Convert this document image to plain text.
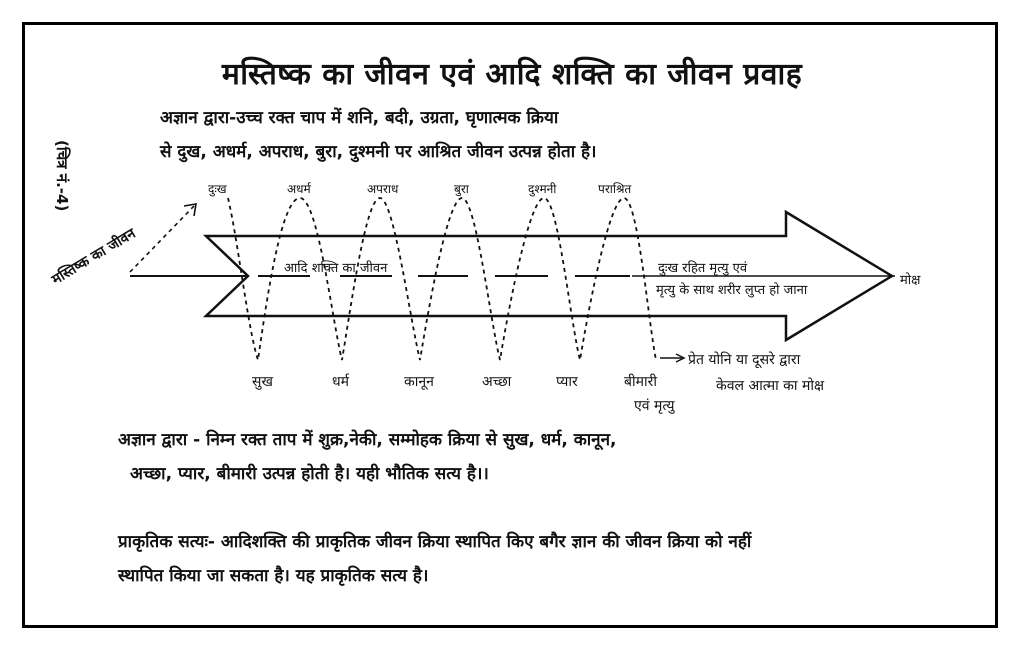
मस्तिष्क का जीवन एवं आदि शक्ति का जीवन प्रवाह
(चित्र नं.-4)
अज्ञान द्वारा-उच्च रक्त चाप में शनि, बदी, उग्रता, घृणात्मक क्रिया
से दुख, अधर्म, अपराध, बुरा, दुश्मनी पर आश्रित जीवन उत्पन्न होता है।
मस्तिष्क का जीवन
दुःख	अधर्म	अपराध	बुरा	दुश्मनी	पराश्रित
आदि शक्ति का जीवन	दुःख रहित मृत्यु एवं
मृत्यु के साथ शरीर लुप्त हो जाना
मोक्ष
सुख	धर्म	कानून	अच्छा	प्यार	बीमारी
एवं मृत्यु
प्रेत योनि या दूसरे द्वारा
केवल आत्मा का मोक्ष
अज्ञान द्वारा - निम्न रक्त ताप में शुक्र,नेकी, सम्मोहक क्रिया से सुख, धर्म, कानून,
अच्छा, प्यार, बीमारी उत्पन्न होती है। यही भौतिक सत्य है।।
प्राकृतिक सत्यः- आदिशक्ति की प्राकृतिक जीवन क्रिया स्थापित किए बगैर ज्ञान की जीवन क्रिया को नहीं
स्थापित किया जा सकता है। यह प्राकृतिक सत्य है।
